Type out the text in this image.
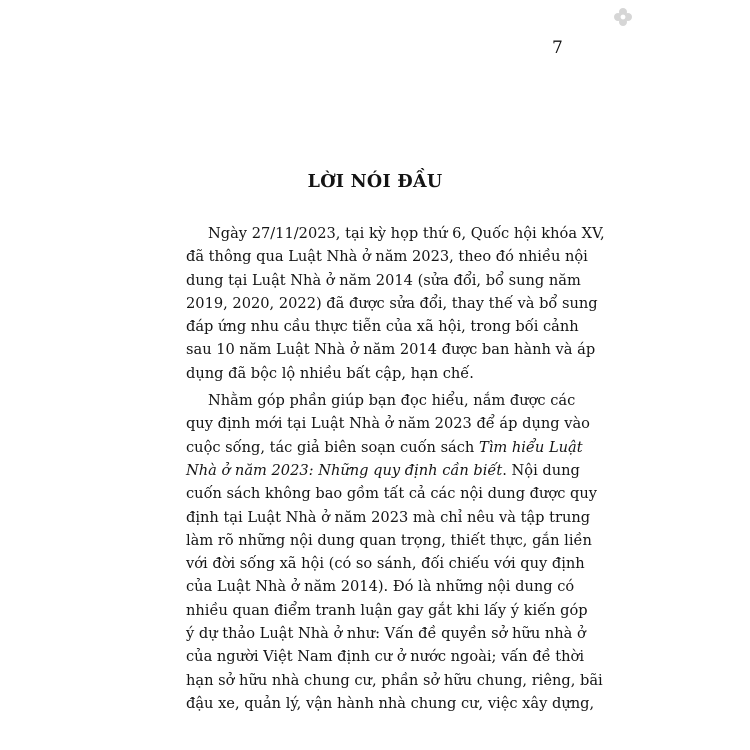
7
LỜI NÓI ĐẦU
Ngày 27/11/2023, tại kỳ họp thứ 6, Quốc hội khóa XV,
đã thông qua Luật Nhà ở năm 2023, theo đó nhiều nội
dung tại Luật Nhà ở năm 2014 (sửa đổi, bổ sung năm
2019, 2020, 2022) đã được sửa đổi, thay thế và bổ sung
đáp ứng nhu cầu thực tiễn của xã hội, trong bối cảnh
sau 10 năm Luật Nhà ở năm 2014 được ban hành và áp
dụng đã bộc lộ nhiều bất cập, hạn chế.
Nhằm góp phần giúp bạn đọc hiểu, nắm được các
quy định mới tại Luật Nhà ở năm 2023 để áp dụng vào
cuộc sống, tác giả biên soạn cuốn sách Tìm hiểu Luật
Nhà ở năm 2023: Những quy định cần biết. Nội dung
cuốn sách không bao gồm tất cả các nội dung được quy
định tại Luật Nhà ở năm 2023 mà chỉ nêu và tập trung
làm rõ những nội dung quan trọng, thiết thực, gắn liền
với đời sống xã hội (có so sánh, đối chiếu với quy định
của Luật Nhà ở năm 2014). Đó là những nội dung có
nhiều quan điểm tranh luận gay gắt khi lấy ý kiến góp
ý dự thảo Luật Nhà ở như: Vấn đề quyền sở hữu nhà ở
của người Việt Nam định cư ở nước ngoài; vấn đề thời
hạn sở hữu nhà chung cư, phần sở hữu chung, riêng, bãi
đậu xe, quản lý, vận hành nhà chung cư, việc xây dựng,
